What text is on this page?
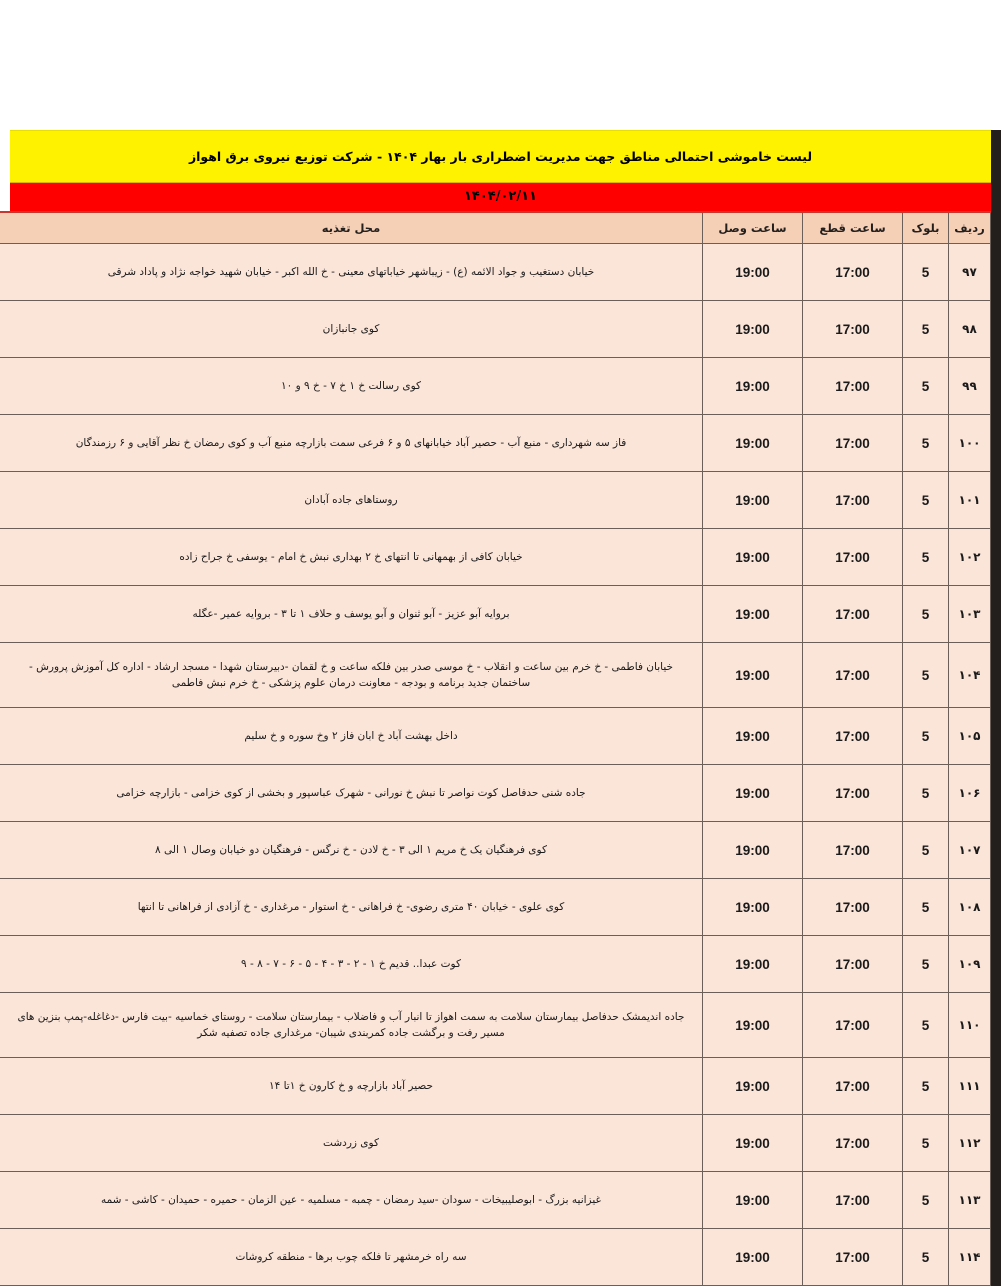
لیست خاموشی احتمالی مناطق جهت مدیریت اضطراری بار بهار ۱۴۰۴ - شرکت توزیع نیروی برق اهواز
۱۴۰۴/۰۲/۱۱
ردیف	بلوک	ساعت قطع	ساعت وصل	محل تغذیه
۹۷	5	17:00	19:00	خیابان دستغیب و جواد الائمه (ع) - زیباشهر خیاباتهای معینی - خ الله اکبر - خیابان شهید خواجه نژاد و پاداد شرقی
۹۸	5	17:00	19:00	کوی جانبازان
۹۹	5	17:00	19:00	کوی رسالت خ ۱ خ ۷ - خ ۹ و ۱۰
۱۰۰	5	17:00	19:00	فاز سه شهرداری - منبع آب - حصیر آباد خیابانهای ۵ و ۶ فرعی سمت بازارچه منبع آب و کوی رمضان خ نظر آقایی و ۶ رزمندگان
۱۰۱	5	17:00	19:00	روستاهای جاده آبادان
۱۰۲	5	17:00	19:00	خیابان کافی از بهمهانی تا انتهای خ ۲ بهداری نبش خ امام - یوسفی خ جراح زاده
۱۰۳	5	17:00	19:00	بروایه آبو عزیز - آبو ثنوان و آبو یوسف و حلاف ۱ تا ۳ - بروایه عمیر -عگله
۱۰۴	5	17:00	19:00	خیابان فاطمی - خ خرم بین ساعت و انقلاب - خ موسی صدر بین فلکه ساعت و خ لقمان -دبیرستان شهدا - مسجد ارشاد - اداره کل آموزش پرورش - ساختمان جدید برنامه و بودجه - معاونت درمان علوم پزشکی - خ خرم نبش فاطمی
۱۰۵	5	17:00	19:00	داخل بهشت آباد خ ابان فاز ۲ وخ سوره و خ سلیم
۱۰۶	5	17:00	19:00	جاده شنی حدفاصل کوت نواصر تا نبش خ نورانی - شهرک عباسپور و بخشی از کوی خزامی - بازارچه خزامی
۱۰۷	5	17:00	19:00	کوی فرهنگیان یک خ مریم ۱ الی ۳ - خ لادن - خ نرگس - فرهنگیان دو خیابان وصال ۱ الی ۸
۱۰۸	5	17:00	19:00	کوی علوی - خیابان ۴۰ متری رضوی- خ فراهانی - خ استوار - مرغداری - خ آزادی از فراهانی تا انتها
۱۰۹	5	17:00	19:00	کوت عبدا.. قدیم خ ۱ - ۲ - ۳ - ۴ - ۵ - ۶ - ۷ - ۸ - ۹
۱۱۰	5	17:00	19:00	جاده اندیمشک حدفاصل بیمارستان سلامت به سمت اهواز تا انبار آب و فاضلاب - بیمارستان سلامت - روستای خماسیه -بیت فارس -دغاغله-پمپ بنزین های مسیر رفت و برگشت جاده کمربندی شیبان- مرغداری جاده تصفیه شکر
۱۱۱	5	17:00	19:00	حصیر آباد بازارچه و خ کارون خ ۱تا ۱۴
۱۱۲	5	17:00	19:00	کوی زردشت
۱۱۳	5	17:00	19:00	غیزانیه بزرگ - ابوصلیبیخات - سودان -سید رمضان - چمبه - مسلمیه - عین الزمان - حمیره - حمیدان - کاشی - شمه
۱۱۴	5	17:00	19:00	سه راه خرمشهر تا فلکه چوب برها - منطقه کروشات
